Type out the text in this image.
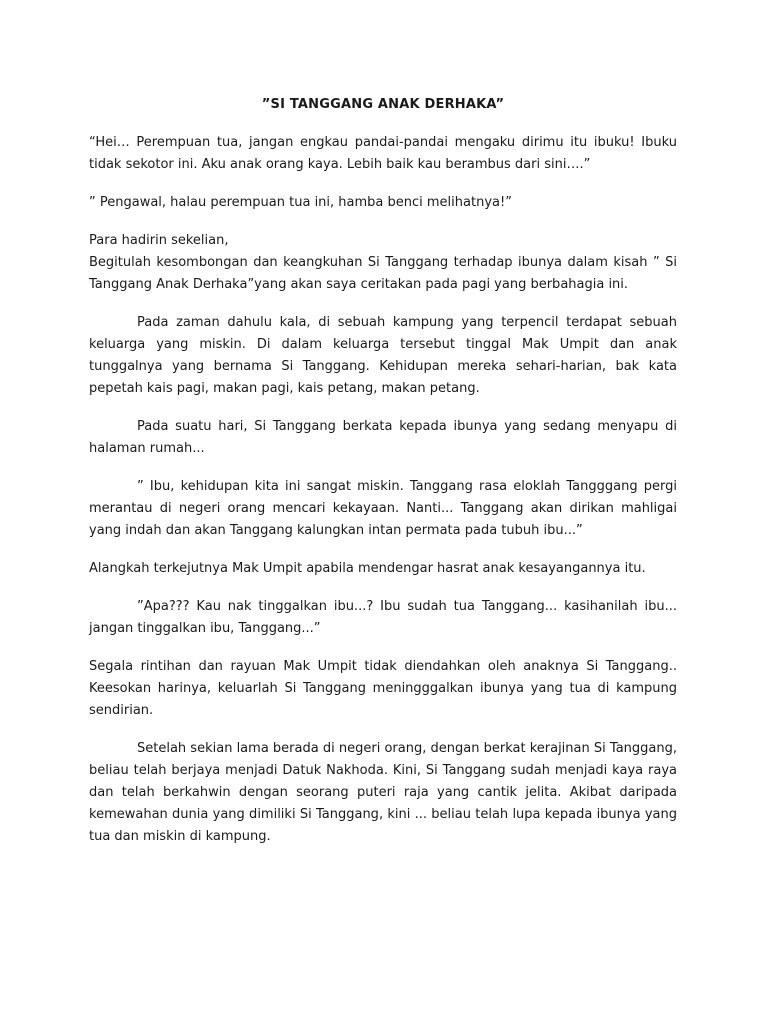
”SI TANGGANG ANAK DERHAKA”

“Hei… Perempuan tua, jangan engkau pandai-pandai mengaku dirimu itu ibuku! Ibuku tidak sekotor ini. Aku anak orang kaya. Lebih baik kau berambus dari sini….”

” Pengawal, halau perempuan tua ini, hamba benci melihatnya!”

Para hadirin sekelian,

Begitulah kesombongan dan keangkuhan Si Tanggang terhadap ibunya dalam kisah ” Si Tanggang Anak Derhaka”yang akan saya ceritakan pada pagi yang berbahagia ini.

Pada zaman dahulu kala, di sebuah kampung yang terpencil terdapat sebuah keluarga yang miskin. Di dalam keluarga tersebut tinggal Mak Umpit dan anak tunggalnya yang bernama Si Tanggang. Kehidupan mereka sehari-harian, bak kata pepetah kais pagi, makan pagi, kais petang, makan petang.

Pada suatu hari, Si Tanggang berkata kepada ibunya yang sedang menyapu di halaman rumah...

” Ibu, kehidupan kita ini sangat miskin. Tanggang rasa eloklah Tangggang pergi merantau di negeri orang mencari kekayaan. Nanti... Tanggang akan dirikan mahligai yang indah dan akan Tanggang kalungkan intan permata pada tubuh ibu...”

Alangkah terkejutnya Mak Umpit apabila mendengar hasrat anak kesayangannya itu.

”Apa??? Kau nak tinggalkan ibu...? Ibu sudah tua Tanggang... kasihanilah ibu... jangan tinggalkan ibu, Tanggang...”

Segala rintihan dan rayuan Mak Umpit tidak diendahkan oleh anaknya Si Tanggang.. Keesokan harinya, keluarlah Si Tanggang meningggalkan ibunya yang tua di kampung sendirian.

Setelah sekian lama berada di negeri orang, dengan berkat kerajinan Si Tanggang, beliau telah berjaya menjadi Datuk Nakhoda. Kini, Si Tanggang sudah menjadi kaya raya dan telah berkahwin dengan seorang puteri raja yang cantik jelita. Akibat daripada kemewahan dunia yang dimiliki Si Tanggang, kini ... beliau telah lupa kepada ibunya yang tua dan miskin di kampung.
